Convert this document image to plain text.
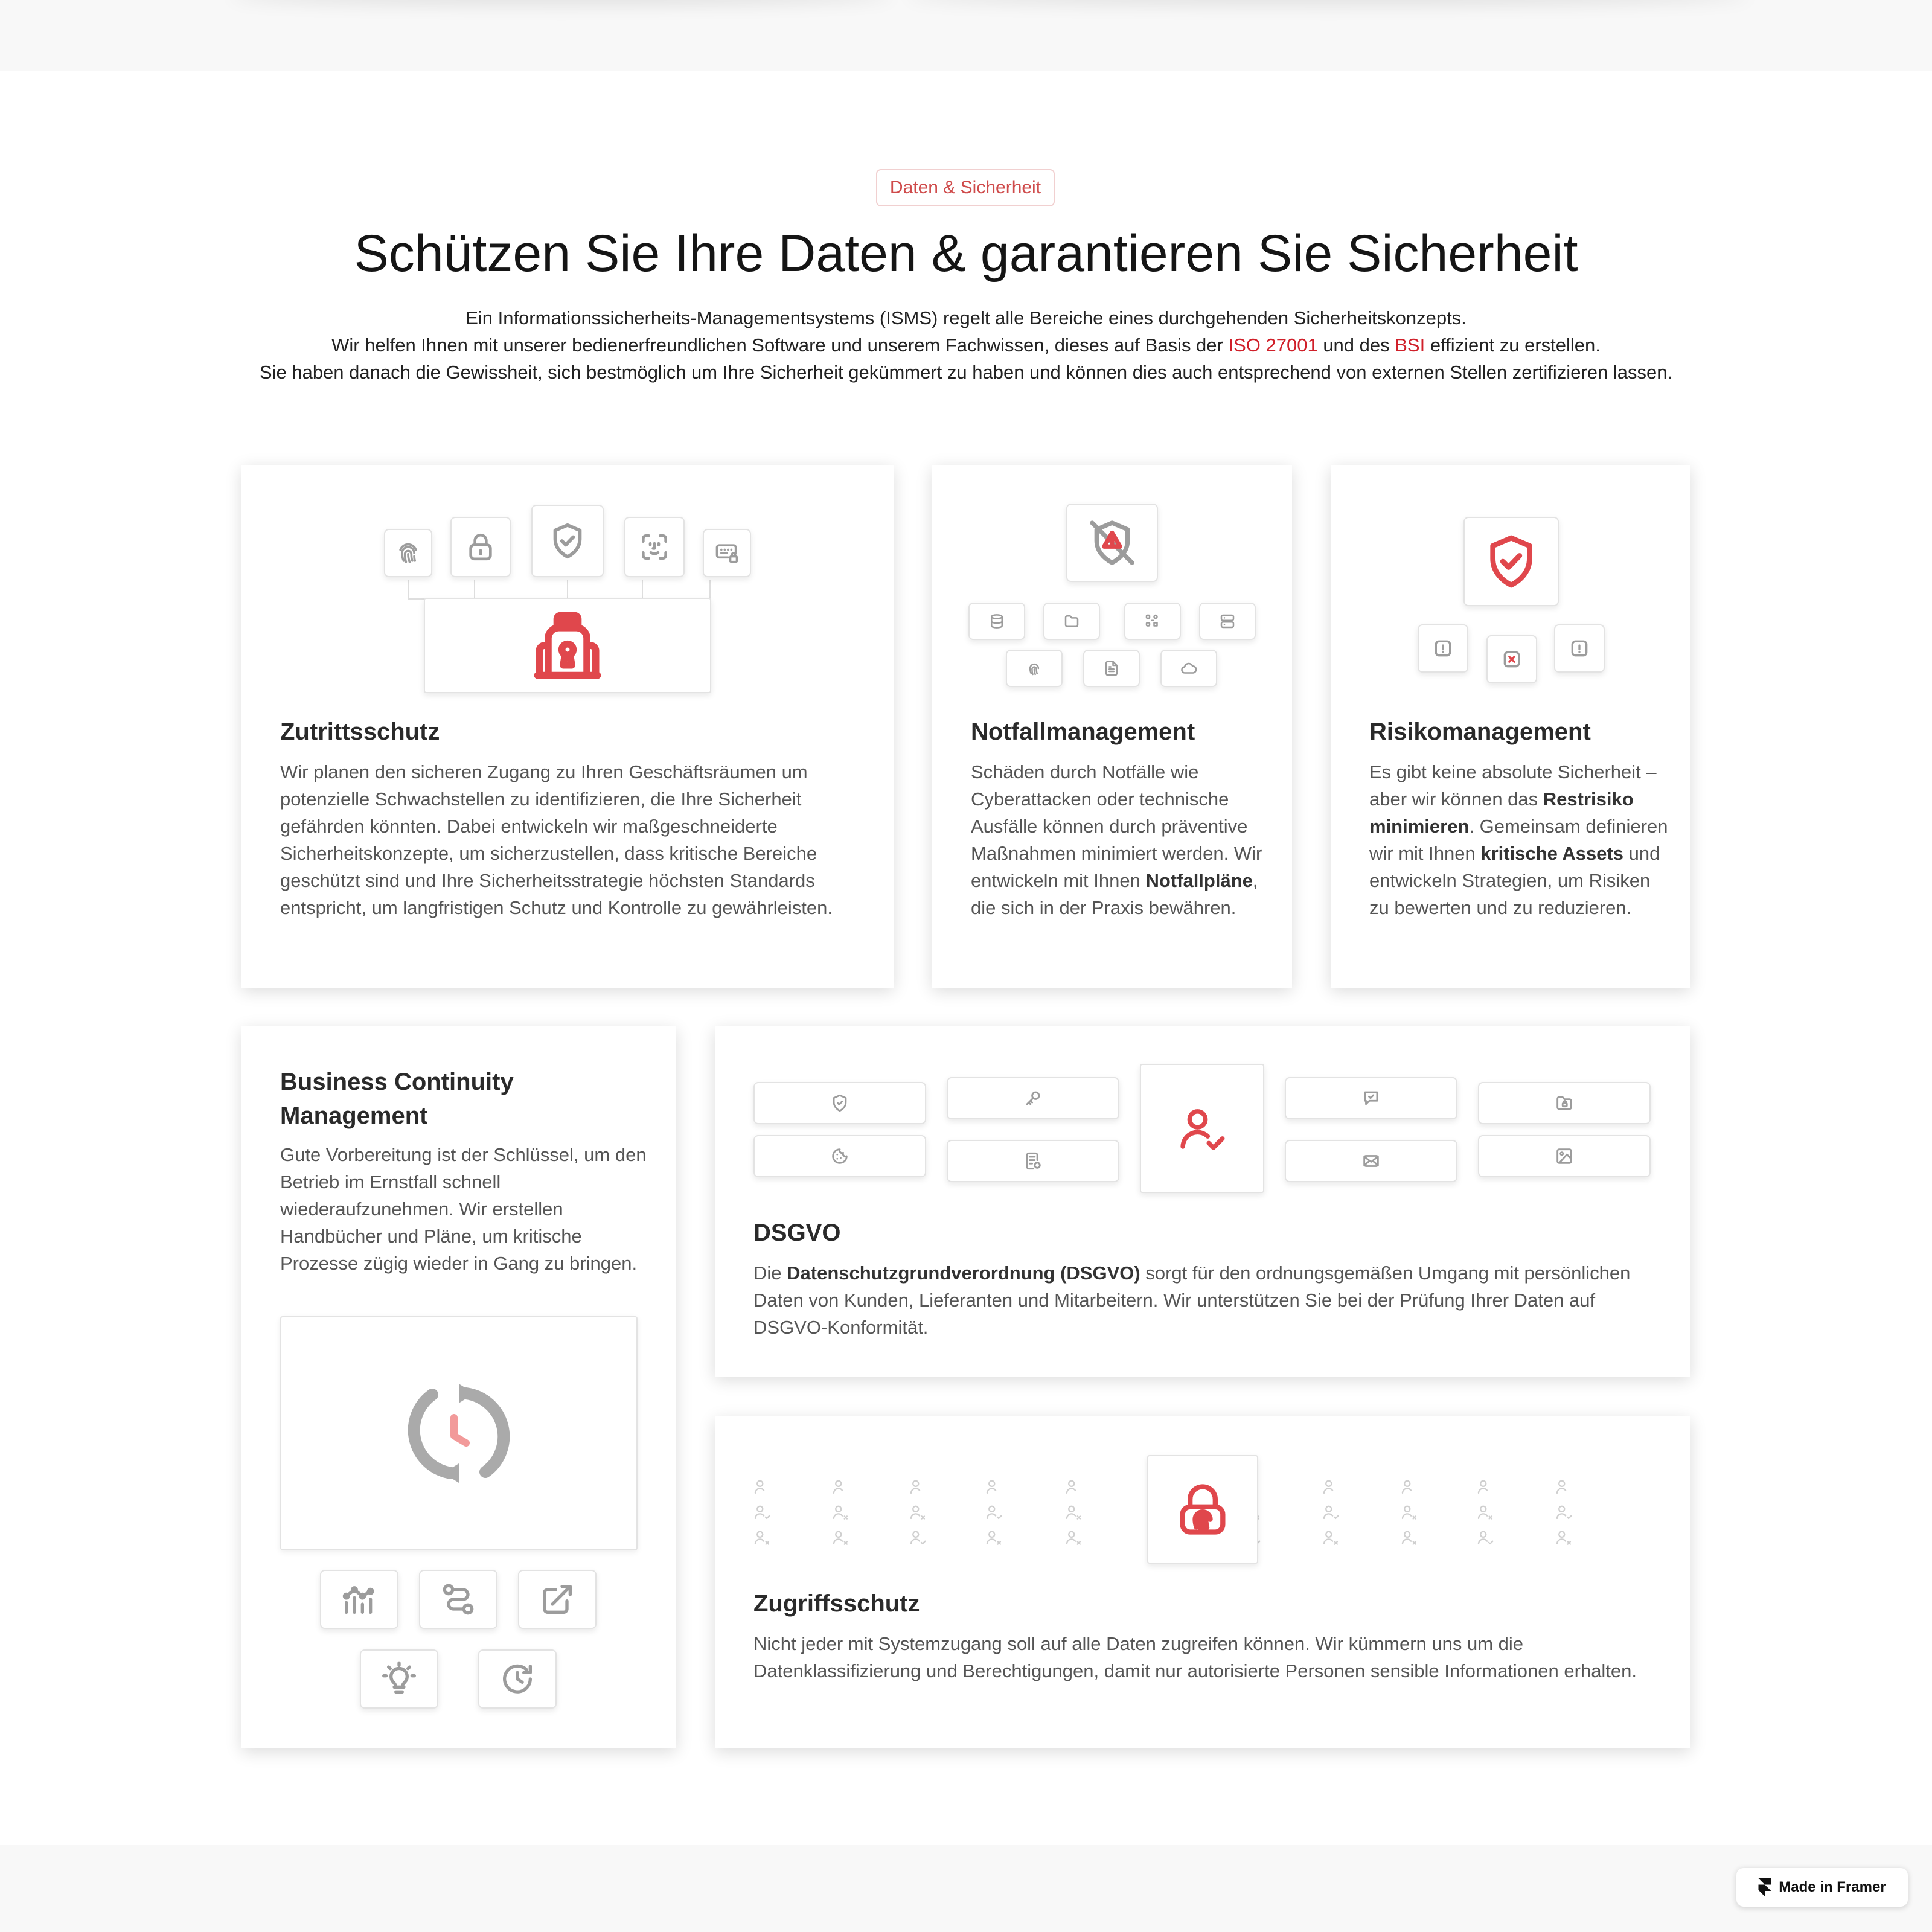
Daten & Sicherheit
Schützen Sie Ihre Daten & garantieren Sie Sicherheit
Ein Informationssicherheits-Managementsystems (ISMS) regelt alle Bereiche eines durchgehenden Sicherheitskonzepts.
Wir helfen Ihnen mit unserer bedienerfreundlichen Software und unserem Fachwissen, dieses auf Basis der ISO 27001 und des BSI effizient zu erstellen.
Sie haben danach die Gewissheit, sich bestmöglich um Ihre Sicherheit gekümmert zu haben und können dies auch entsprechend von externen Stellen zertifizieren lassen.
Zutrittsschutz
Wir planen den sicheren Zugang zu Ihren Geschäftsräumen um potenzielle Schwachstellen zu identifizieren, die Ihre Sicherheit gefährden könnten. Dabei entwickeln wir maßgeschneiderte Sicherheitskonzepte, um sicherzustellen, dass kritische Bereiche geschützt sind und Ihre Sicherheitsstrategie höchsten Standards entspricht, um langfristigen Schutz und Kontrolle zu gewährleisten.
Notfallmanagement
Schäden durch Notfälle wie Cyberattacken oder technische Ausfälle können durch präventive Maßnahmen minimiert werden. Wir entwickeln mit Ihnen Notfallpläne, die sich in der Praxis bewähren.
Risikomanagement
Es gibt keine absolute Sicherheit – aber wir können das Restrisiko minimieren. Gemeinsam definieren wir mit Ihnen kritische Assets und entwickeln Strategien, um Risiken zu bewerten und zu reduzieren.
Business Continuity Management
Gute Vorbereitung ist der Schlüssel, um den Betrieb im Ernstfall schnell wiederaufzunehmen. Wir erstellen Handbücher und Pläne, um kritische Prozesse zügig wieder in Gang zu bringen.
DSGVO
Die Datenschutzgrundverordnung (DSGVO) sorgt für den ordnungsgemäßen Umgang mit persönlichen Daten von Kunden, Lieferanten und Mitarbeitern. Wir unterstützen Sie bei der Prüfung Ihrer Daten auf DSGVO-Konformität.
Zugriffsschutz
Nicht jeder mit Systemzugang soll auf alle Daten zugreifen können. Wir kümmern uns um die Datenklassifizierung und Berechtigungen, damit nur autorisierte Personen sensible Informationen erhalten.
Made in Framer
